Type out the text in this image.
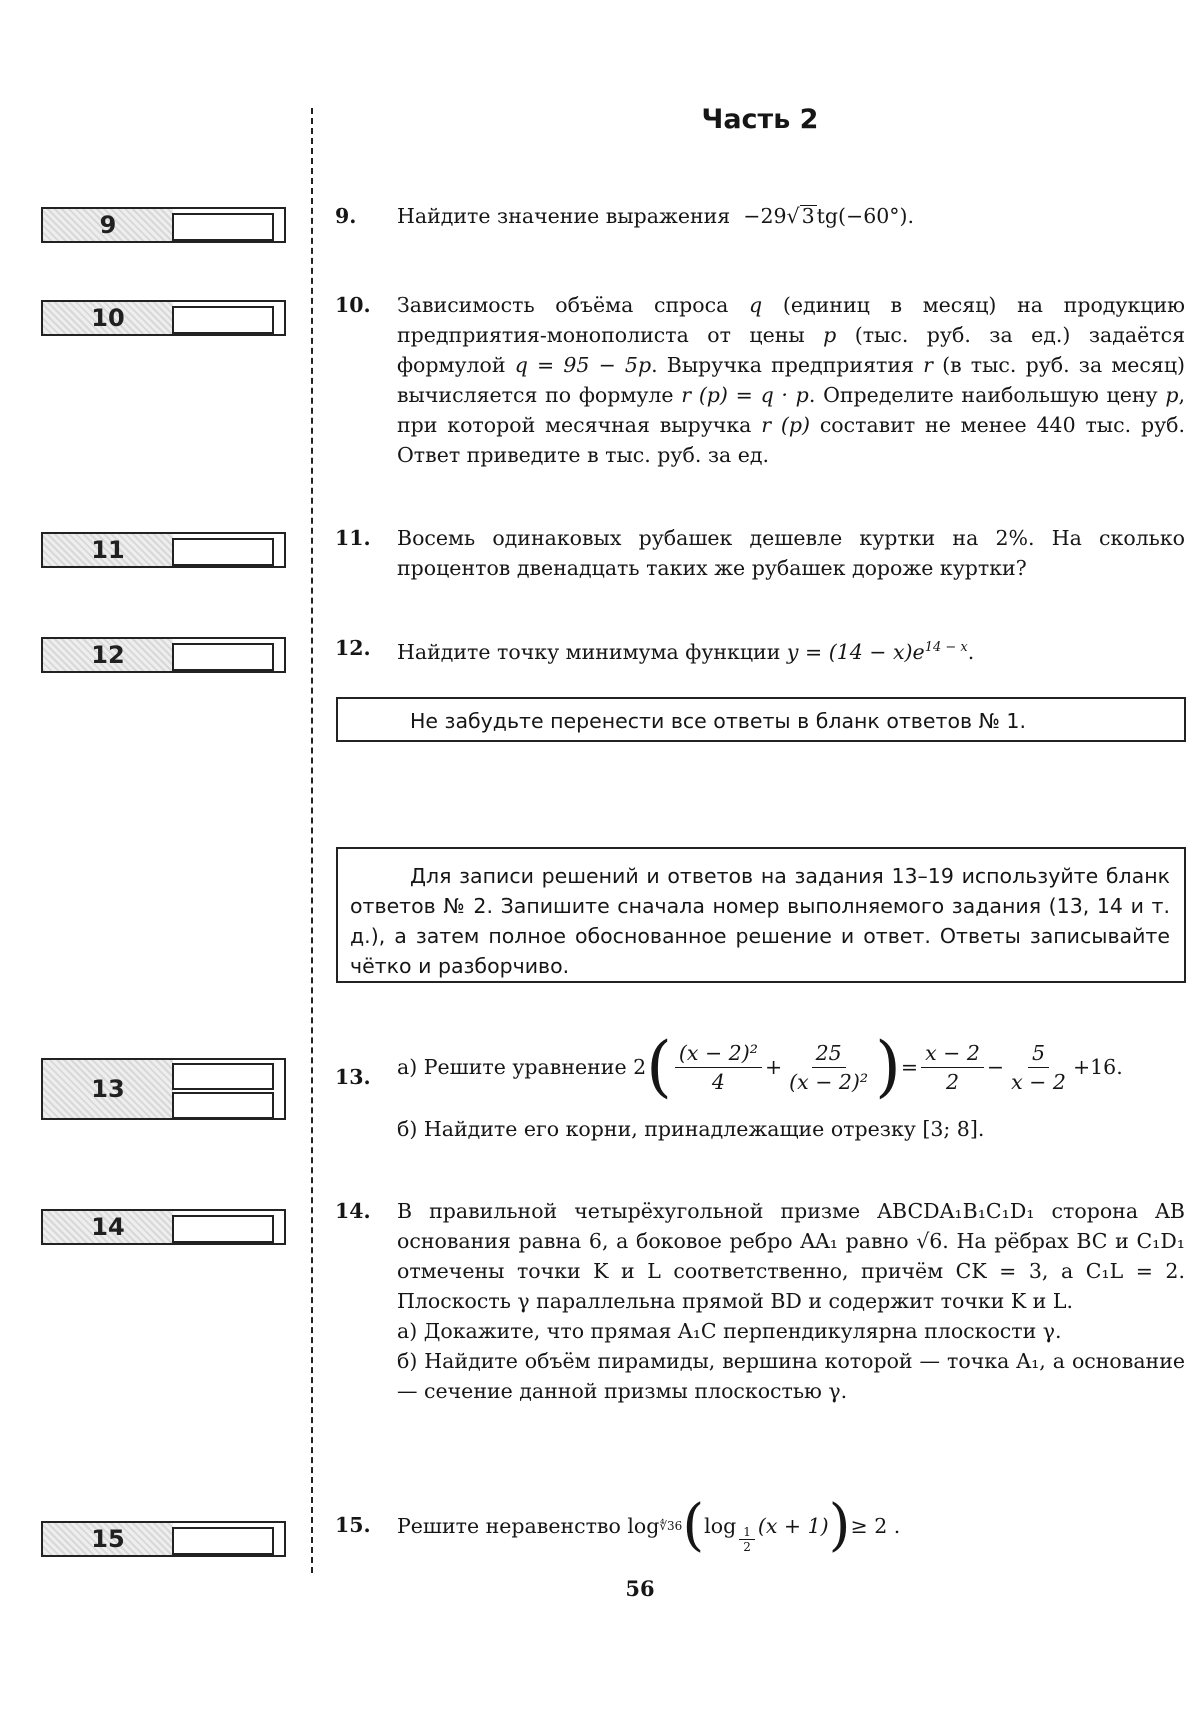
Часть 2
9
10
11
12
13
14
15
9. Найдите значение выражения −29√3tg(−60°).
10. Зависимость объёма спроса q (единиц в месяц) на продукцию предприятия-монополиста от цены p (тыс. руб. за ед.) задаётся формулой q = 95 − 5p. Выручка предприятия r (в тыс. руб. за месяц) вычисляется по формуле r (p) = q · p. Определите наибольшую цену p, при которой месячная выручка r (p) составит не менее 440 тыс. руб. Ответ приведите в тыс. руб. за ед.

11. Восемь одинаковых рубашек дешевле куртки на 2%. На сколько процентов двенадцать таких же рубашек дороже куртки?

12. Найдите точку минимума функции $y = (14 - x)e^{14 - x}$.
Не забудьте перенести все ответы в бланк ответов № 1.
Для записи решений и ответов на задания 13–19 используйте бланк ответов № 2. Запишите сначала номер выполняемого задания (13, 14 и т. д.), а затем полное обоснованное решение и ответ. Ответы записывайте чётко и разборчиво.
13. а) Решите уравнение
2 ( $\frac{\text{(x − 2)²}}{4} + \frac{25}{\text{(x − 2)²}}$ ) = $\frac{x - 2}{2} - \frac{5}{x - 2} +16$.

б) Найдите его корни, принадлежащие отрезку [3; 8].

14. В правильной четырёхугольной призме ABCDA₁B₁C₁D₁ сторона AB основания равна 6, а боковое ребро AA₁ равно √6. На рёбрах BC и C₁D₁ отмечены точки K и L соответственно, причём CK = 3, а C₁L = 2. Плоскость γ параллельна прямой BD и содержит точки K и L.

а) Докажите, что прямая A₁C перпендикулярна плоскости γ.

б) Найдите объём пирамиды, вершина которой — точка A₁, а основание — сечение данной призмы плоскостью γ.

15. Решите неравенство
log ∜36 ( $\log \frac{1}{2} (x + 1)$ ) ≥ 2 .
56
